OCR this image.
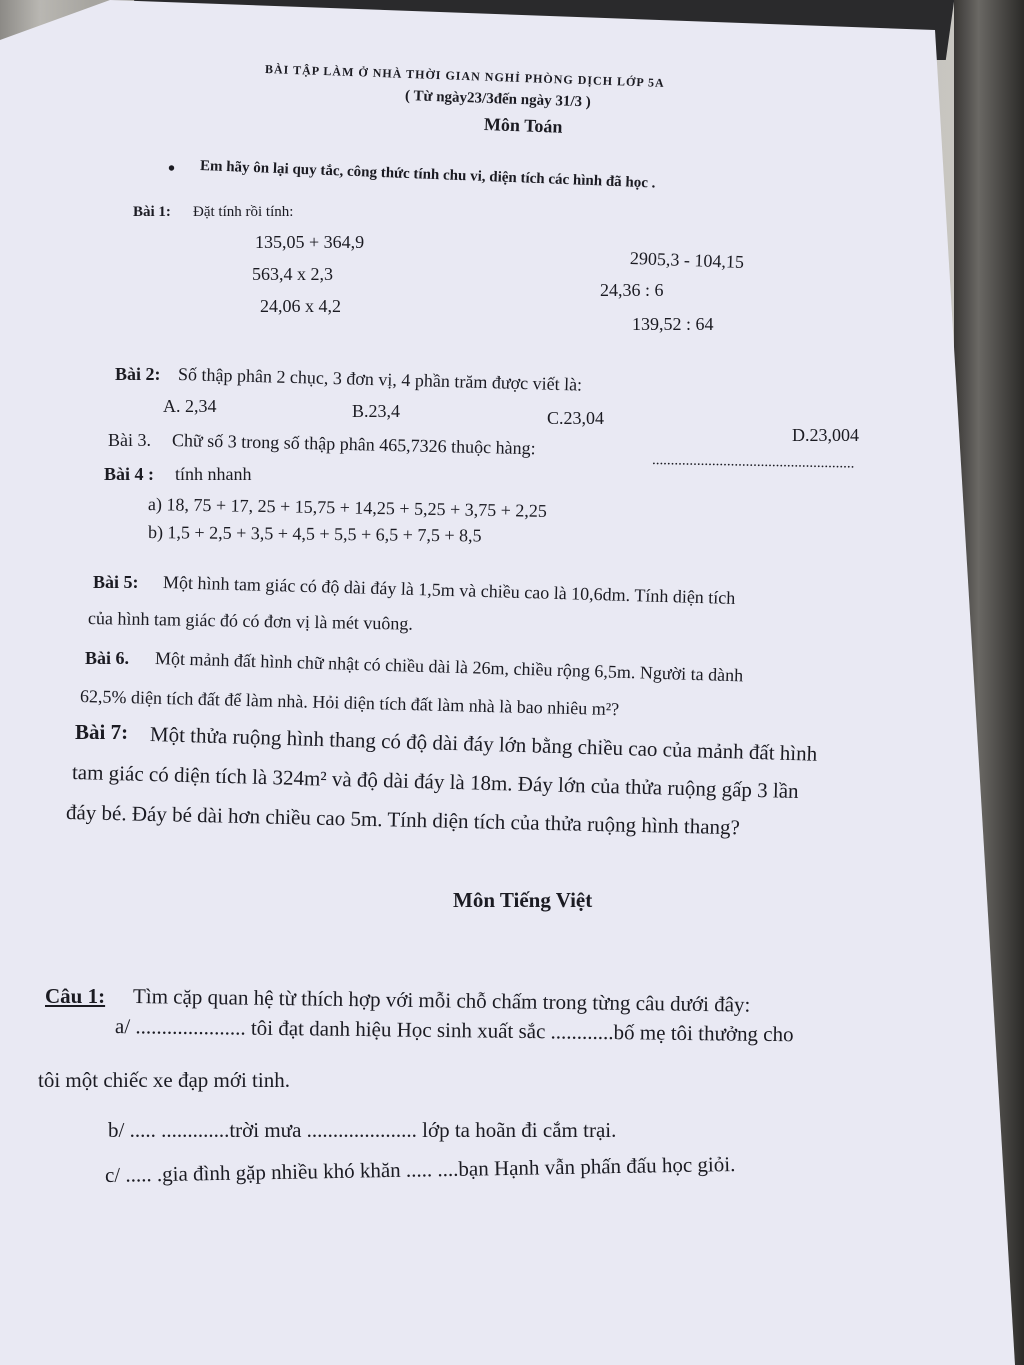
BÀI TẬP LÀM Ở NHÀ THỜI GIAN NGHỈ PHÒNG DỊCH LỚP 5A
( Từ ngày23/3đến ngày 31/3 )
Môn Toán
• Em hãy ôn lại quy tắc, công thức tính chu vi, diện tích các hình đã học .
Bài 1: Đặt tính rồi tính:
135,05 + 364,9
563,4 x 2,3
24,06 x 4,2
2905,3 - 104,15
24,36 : 6
139,52 : 64
Bài 2: Số thập phân 2 chục, 3 đơn vị, 4 phần trăm được viết là:
A. 2,34	B.23,4	C.23,04
D.23,004
Bài 3. Chữ số 3 trong số thập phân 465,7326 thuộc hàng:
......................................................
Bài 4 : tính nhanh
a) 18, 75 + 17, 25 + 15,75 + 14,25 + 5,25 + 3,75 + 2,25
b) 1,5 + 2,5 + 3,5 + 4,5 + 5,5 + 6,5 + 7,5 + 8,5
Bài 5: Một hình tam giác có độ dài đáy là 1,5m và chiều cao là 10,6dm. Tính diện tích
của hình tam giác đó có đơn vị là mét vuông.
Bài 6. Một mảnh đất hình chữ nhật có chiều dài là 26m, chiều rộng 6,5m. Người ta dành
62,5% diện tích đất để làm nhà. Hỏi diện tích đất làm nhà là bao nhiêu m²?
Bài 7: Một thửa ruộng hình thang có độ dài đáy lớn bằng chiều cao của mảnh đất hình
tam giác có diện tích là 324m² và độ dài đáy là 18m. Đáy lớn của thửa ruộng gấp 3 lần
đáy bé. Đáy bé dài hơn chiều cao 5m. Tính diện tích của thửa ruộng hình thang?
Môn Tiếng Việt
Câu 1: Tìm cặp quan hệ từ thích hợp với mỗi chỗ chấm trong từng câu dưới đây:
a/ ..................... tôi đạt danh hiệu Học sinh xuất sắc ............bố mẹ tôi thưởng cho
tôi một chiếc xe đạp mới tinh.
b/ ..... .............trời mưa ..................... lớp ta hoãn đi cắm trại.
c/ ..... .gia đình gặp nhiều khó khăn ..... ....bạn Hạnh vẫn phấn đấu học giỏi.
